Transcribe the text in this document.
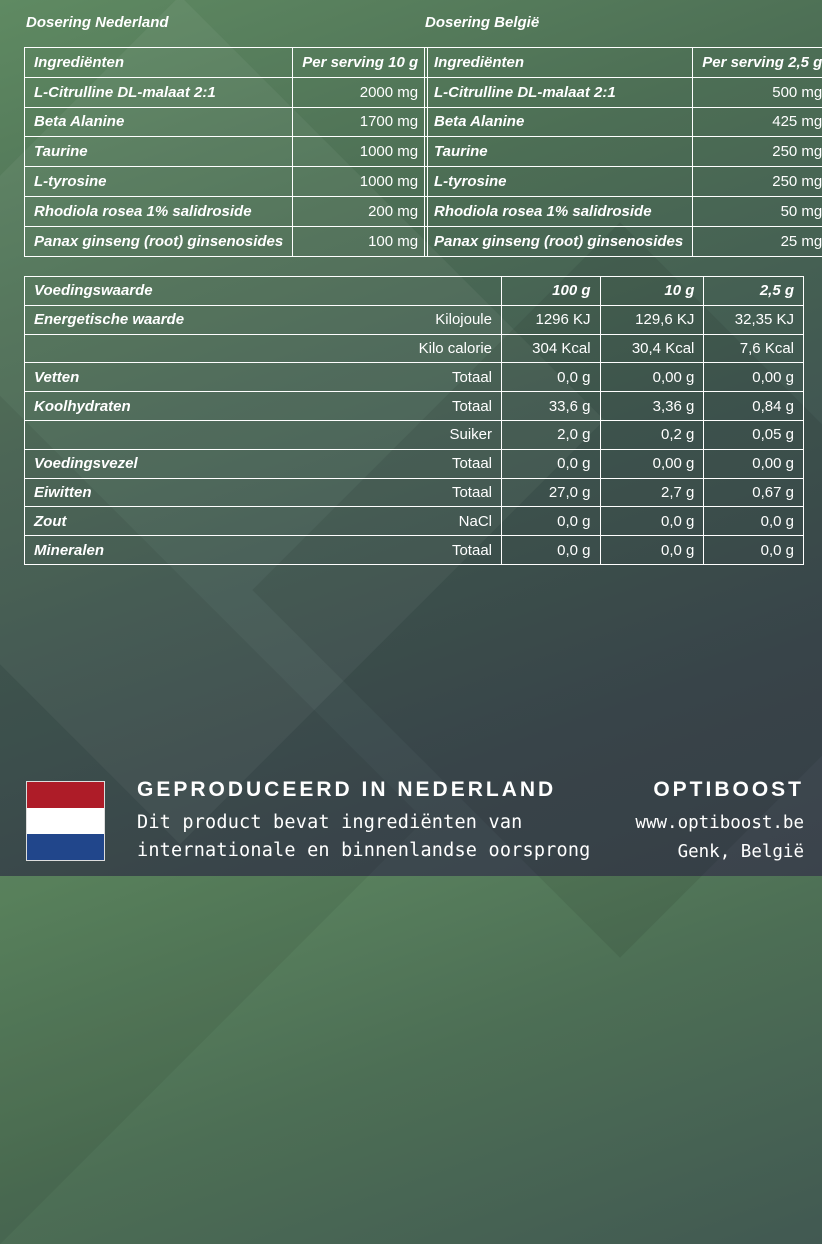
Dosering Nederland
Ingrediënten	Per serving 10 g
L-Citrulline DL-malaat 2:1	2000 mg
Beta Alanine	1700 mg
Taurine	1000 mg
L-tyrosine	1000 mg
Rhodiola rosea 1% salidroside	200 mg
Panax ginseng (root) ginsenosides	100 mg
Dosering België
Ingrediënten	Per serving 2,5 g
L-Citrulline DL-malaat 2:1	500 mg
Beta Alanine	425 mg
Taurine	250 mg
L-tyrosine	250 mg
Rhodiola rosea 1% salidroside	50 mg
Panax ginseng (root) ginsenosides	25 mg
Voedingswaarde		100 g	10 g	2,5 g
Energetische waarde	Kilojoule	1296 KJ	129,6 KJ	32,35 KJ
	Kilo calorie	304 Kcal	30,4 Kcal	7,6 Kcal
Vetten	Totaal	0,0 g	0,00 g	0,00 g
Koolhydraten	Totaal	33,6 g	3,36 g	0,84 g
	Suiker	2,0 g	0,2 g	0,05 g
Voedingsvezel	Totaal	0,0 g	0,00 g	0,00 g
Eiwitten	Totaal	27,0 g	2,7 g	0,67 g
Zout	NaCl	0,0 g	0,0 g	0,0 g
Mineralen	Totaal	0,0 g	0,0 g	0,0 g
GEPRODUCEERD IN NEDERLAND
Dit product bevat ingrediënten van
internationale en binnenlandse oorsprong
OPTIBOOST
www.optiboost.be
Genk, België
